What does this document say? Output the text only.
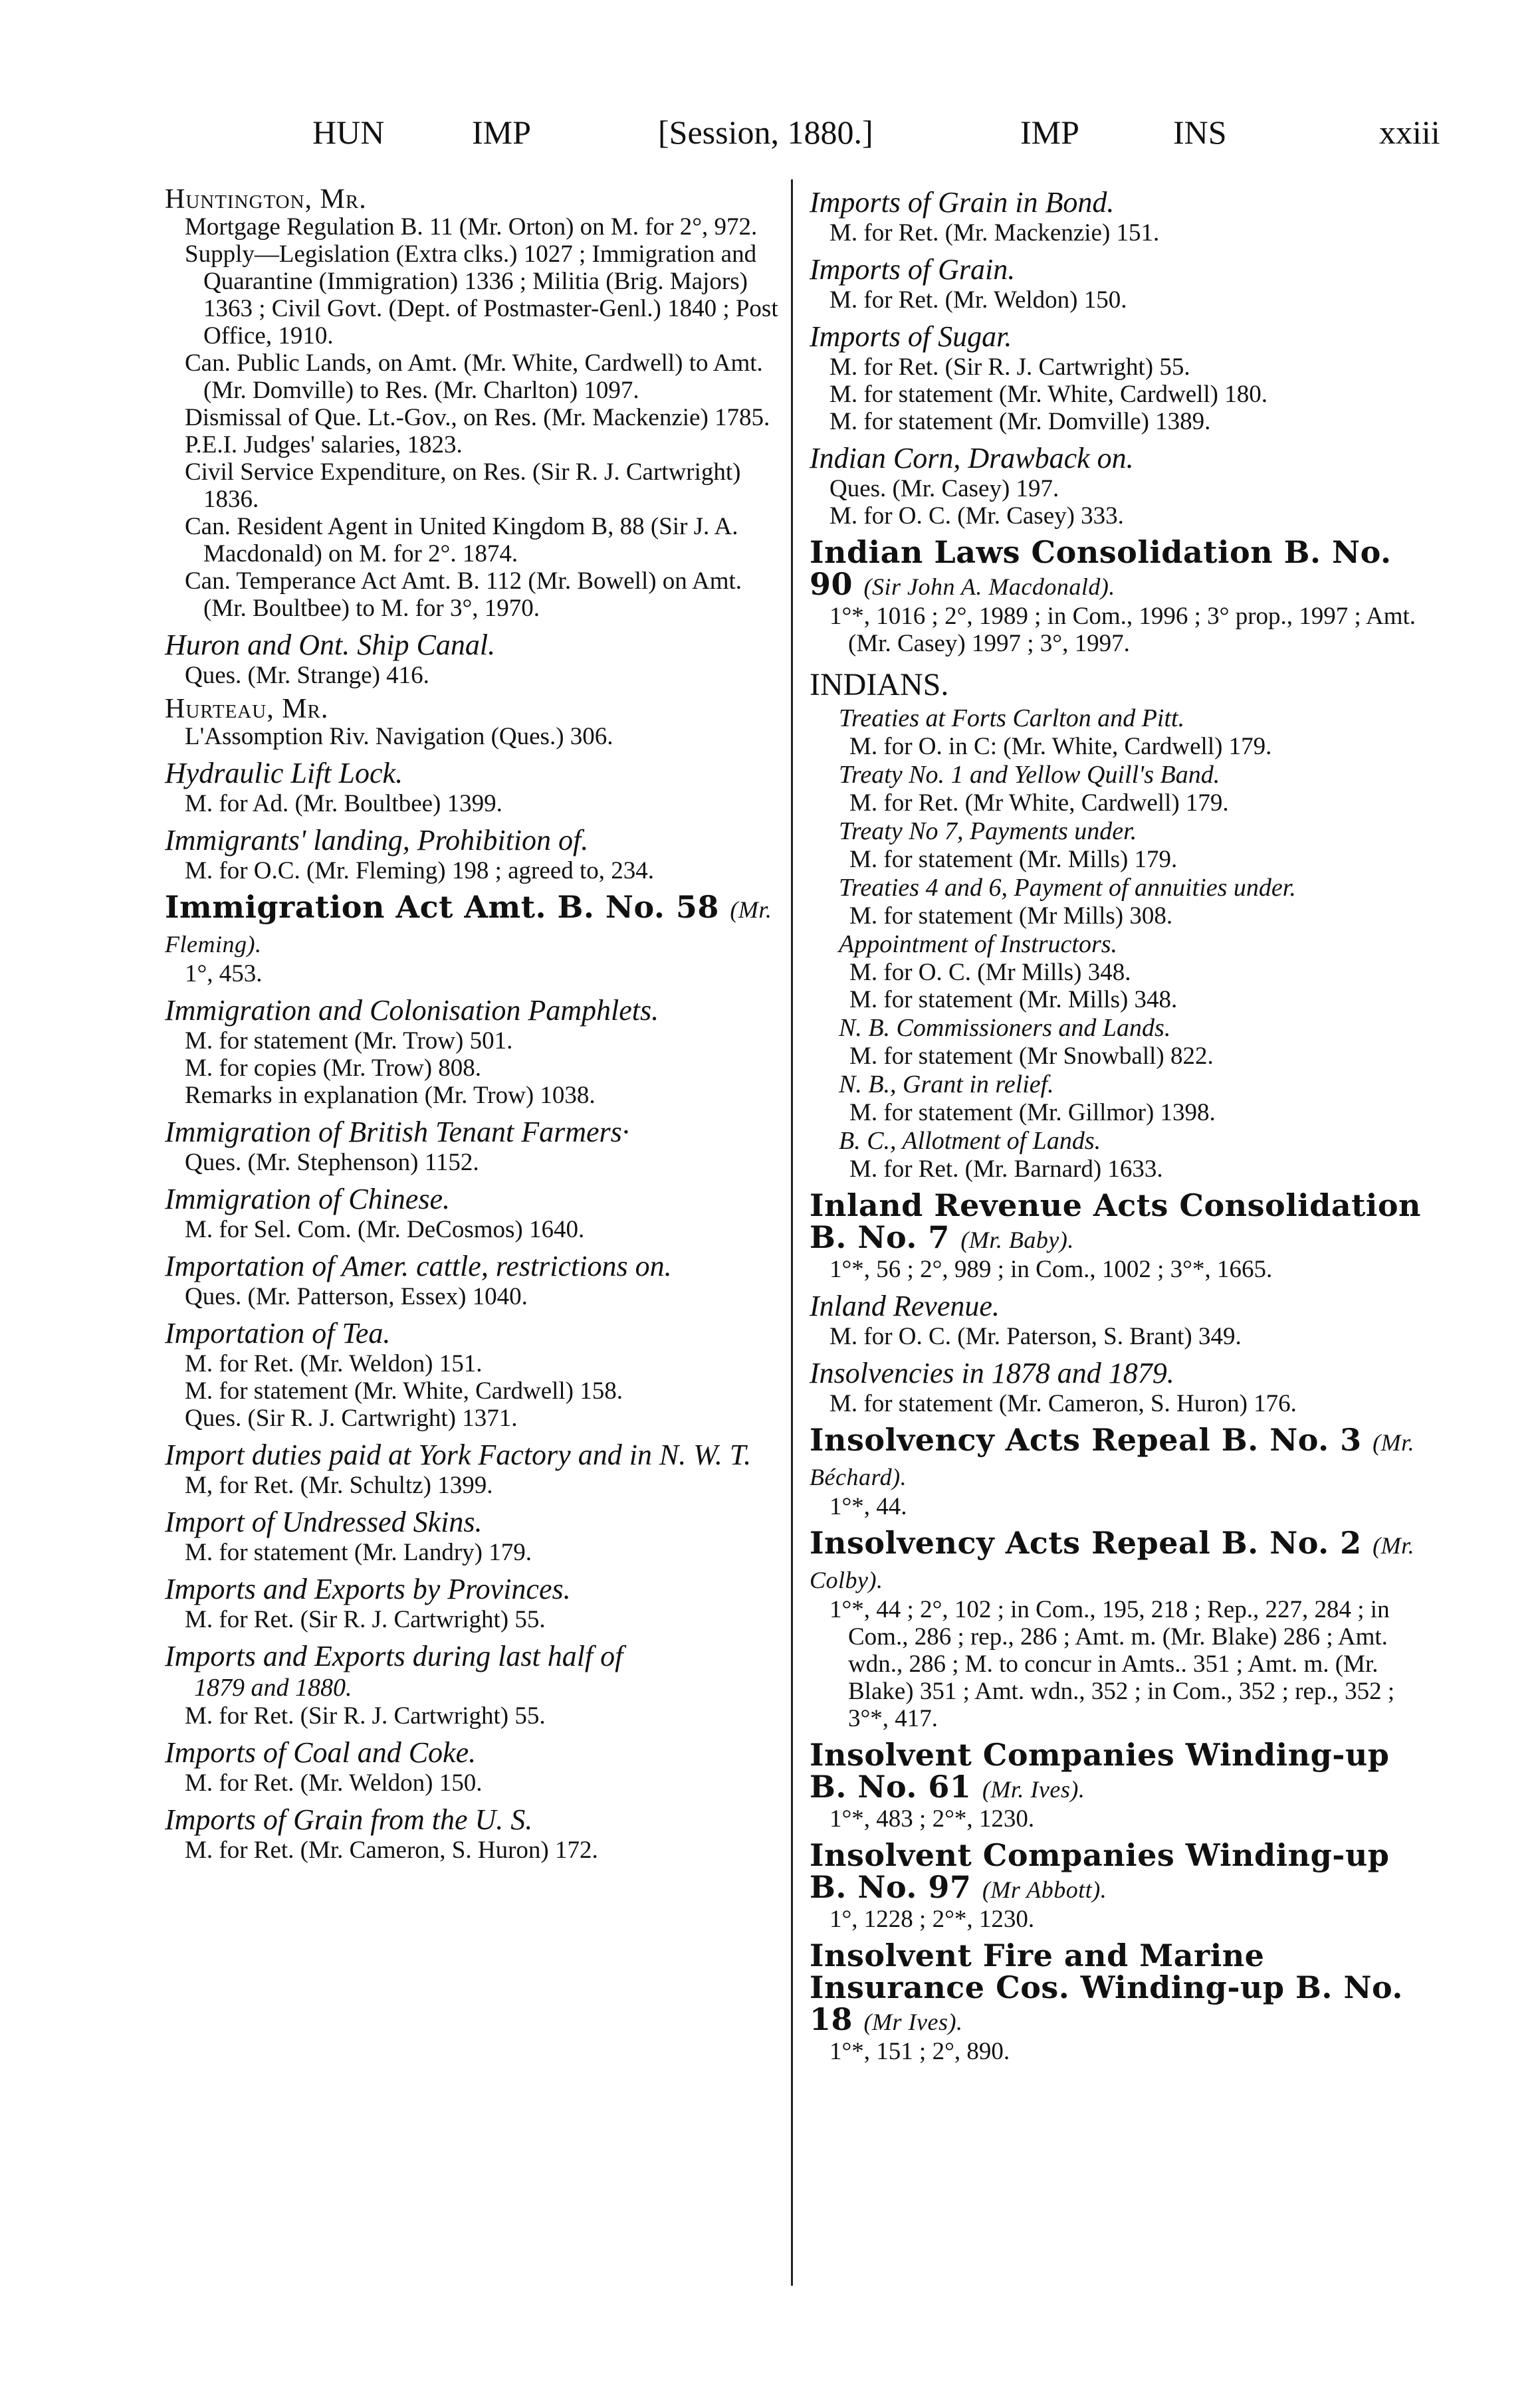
HUN	IMP	[Session, 1880.]	IMP	INS	xxiii
Huntington, Mr.
Mortgage Regulation B. 11 (Mr. Orton) on M. for 2°, 972.
Supply—Legislation (Extra clks.) 1027 ; Immigration and Quarantine (Immigration) 1336 ; Militia (Brig. Majors) 1363 ; Civil Govt. (Dept. of Postmaster-Genl.) 1840 ; Post Office, 1910.
Can. Public Lands, on Amt. (Mr. White, Cardwell) to Amt. (Mr. Domville) to Res. (Mr. Charlton) 1097.
Dismissal of Que. Lt.-Gov., on Res. (Mr. Mackenzie) 1785.
P.E.I. Judges' salaries, 1823.
Civil Service Expenditure, on Res. (Sir R. J. Cartwright) 1836.
Can. Resident Agent in United Kingdom B, 88 (Sir J. A. Macdonald) on M. for 2°. 1874.
Can. Temperance Act Amt. B. 112 (Mr. Bowell) on Amt. (Mr. Boultbee) to M. for 3°, 1970.
Huron and Ont. Ship Canal.
Ques. (Mr. Strange) 416.
Hurteau, Mr.
L'Assomption Riv. Navigation (Ques.) 306.
Hydraulic Lift Lock.
M. for Ad. (Mr. Boultbee) 1399.
Immigrants' landing, Prohibition of.
M. for O.C. (Mr. Fleming) 198 ; agreed to, 234.
Immigration Act Amt. B. No. 58 (Mr. Fleming).
1°, 453.
Immigration and Colonisation Pamphlets.
M. for statement (Mr. Trow) 501.
M. for copies (Mr. Trow) 808.
Remarks in explanation (Mr. Trow) 1038.
Immigration of British Tenant Farmers·
Ques. (Mr. Stephenson) 1152.
Immigration of Chinese.
M. for Sel. Com. (Mr. DeCosmos) 1640.
Importation of Amer. cattle, restrictions on.
Ques. (Mr. Patterson, Essex) 1040.
Importation of Tea.
M. for Ret. (Mr. Weldon) 151.
M. for statement (Mr. White, Cardwell) 158.
Ques. (Sir R. J. Cartwright) 1371.
Import duties paid at York Factory and in N. W. T.
M, for Ret. (Mr. Schultz) 1399.
Import of Undressed Skins.
M. for statement (Mr. Landry) 179.
Imports and Exports by Provinces.
M. for Ret. (Sir R. J. Cartwright) 55.
Imports and Exports during last half of
1879 and 1880.
M. for Ret. (Sir R. J. Cartwright) 55.
Imports of Coal and Coke.
M. for Ret. (Mr. Weldon) 150.
Imports of Grain from the U. S.
M. for Ret. (Mr. Cameron, S. Huron) 172.
Imports of Grain in Bond.
M. for Ret. (Mr. Mackenzie) 151.
Imports of Grain.
M. for Ret. (Mr. Weldon) 150.
Imports of Sugar.
M. for Ret. (Sir R. J. Cartwright) 55.
M. for statement (Mr. White, Cardwell) 180.
M. for statement (Mr. Domville) 1389.
Indian Corn, Drawback on.
Ques. (Mr. Casey) 197.
M. for O. C. (Mr. Casey) 333.
Indian Laws Consolidation B. No. 90 (Sir John A. Macdonald).
1°*, 1016 ; 2°, 1989 ; in Com., 1996 ; 3° prop., 1997 ; Amt. (Mr. Casey) 1997 ; 3°, 1997.
INDIANS.
Treaties at Forts Carlton and Pitt.
M. for O. in C: (Mr. White, Cardwell) 179.
Treaty No. 1 and Yellow Quill's Band.
M. for Ret. (Mr White, Cardwell) 179.
Treaty No 7, Payments under.
M. for statement (Mr. Mills) 179.
Treaties 4 and 6, Payment of annuities under.
M. for statement (Mr Mills) 308.
Appointment of Instructors.
M. for O. C. (Mr Mills) 348.
M. for statement (Mr. Mills) 348.
N. B. Commissioners and Lands.
M. for statement (Mr Snowball) 822.
N. B., Grant in relief.
M. for statement (Mr. Gillmor) 1398.
B. C., Allotment of Lands.
M. for Ret. (Mr. Barnard) 1633.
Inland Revenue Acts Consolidation B. No. 7 (Mr. Baby).
1°*, 56 ; 2°, 989 ; in Com., 1002 ; 3°*, 1665.
Inland Revenue.
M. for O. C. (Mr. Paterson, S. Brant) 349.
Insolvencies in 1878 and 1879.
M. for statement (Mr. Cameron, S. Huron) 176.
Insolvency Acts Repeal B. No. 3 (Mr. Béchard).
1°*, 44.
Insolvency Acts Repeal B. No. 2 (Mr. Colby).
1°*, 44 ; 2°, 102 ; in Com., 195, 218 ; Rep., 227, 284 ; in Com., 286 ; rep., 286 ; Amt. m. (Mr. Blake) 286 ; Amt. wdn., 286 ; M. to concur in Amts.. 351 ; Amt. m. (Mr. Blake) 351 ; Amt. wdn., 352 ; in Com., 352 ; rep., 352 ; 3°*, 417.
Insolvent Companies Winding-up B. No. 61 (Mr. Ives).
1°*, 483 ; 2°*, 1230.
Insolvent Companies Winding-up B. No. 97 (Mr Abbott).
1°, 1228 ; 2°*, 1230.
Insolvent Fire and Marine Insurance Cos. Winding-up B. No. 18 (Mr Ives).
1°*, 151 ; 2°, 890.
